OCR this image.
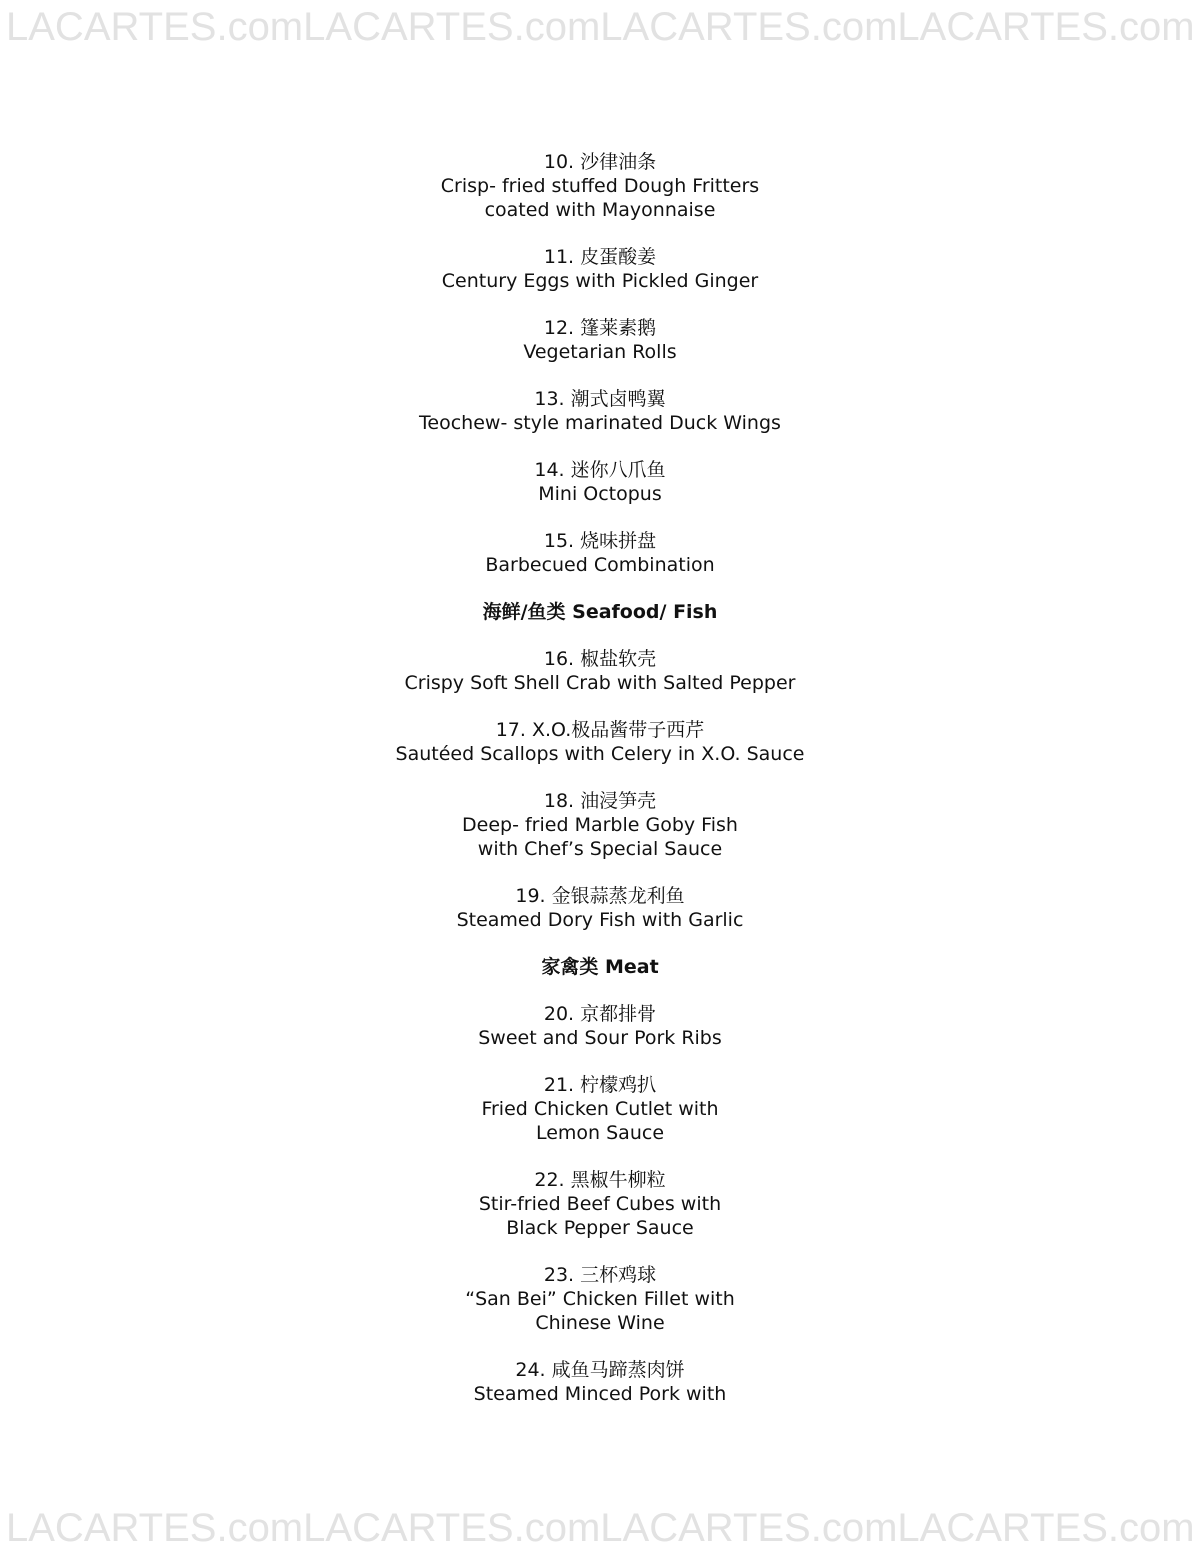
LACARTES.com LACARTES.com LACARTES.com LACARTES.com
10. 沙律油条
Crisp- fried stuffed Dough Fritters
coated with Mayonnaise
11. 皮蛋酸姜
Century Eggs with Pickled Ginger
12. 篷莱素鹅
Vegetarian Rolls
13. 潮式卤鸭翼
Teochew- style marinated Duck Wings
14. 迷你八爪鱼
Mini Octopus
15. 烧味拼盘
Barbecued Combination
海鲜/鱼类 Seafood/ Fish
16. 椒盐软壳
Crispy Soft Shell Crab with Salted Pepper
17. X.O.极品酱带子西芹
Sautéed Scallops with Celery in X.O. Sauce
18. 油浸笋壳
Deep- fried Marble Goby Fish
with Chef’s Special Sauce
19. 金银蒜蒸龙利鱼
Steamed Dory Fish with Garlic
家禽类 Meat
20. 京都排骨
Sweet and Sour Pork Ribs
21. 柠檬鸡扒
Fried Chicken Cutlet with
Lemon Sauce
22. 黑椒牛柳粒
Stir-fried Beef Cubes with
Black Pepper Sauce
23. 三杯鸡球
“San Bei” Chicken Fillet with
Chinese Wine
24. 咸鱼马蹄蒸肉饼
Steamed Minced Pork with
LACARTES.com LACARTES.com LACARTES.com LACARTES.com
